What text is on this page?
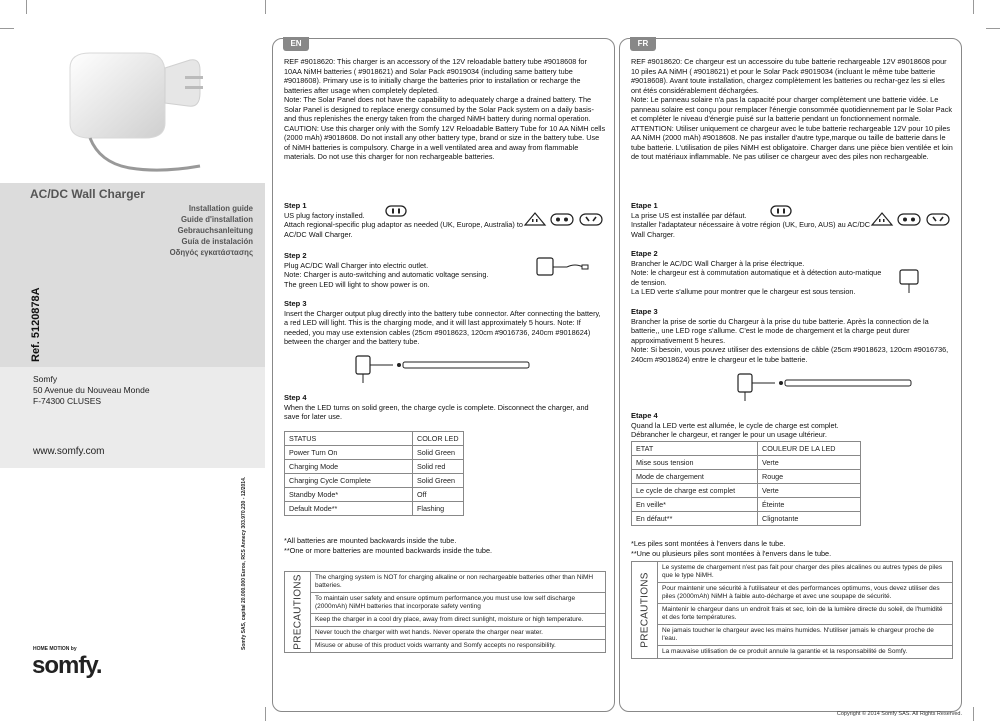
AC/DC Wall Charger
Installation guide
Guide d'installation
Gebrauchsanleitung
Guía de instalación
Οδηγός εγκατάστασης
Ref. 5120878A
Somfy
50 Avenue du Nouveau Monde
F-74300 CLUSES
www.somfy.com
Somfy SAS, capital 20.000.000 Euros, RCS Annecy 303.970.230 - 12/2014.
HOME MOTION by
somfy.
EN
REF #9018620: This charger is an accessory of the 12V reloadable battery tube #9018608 for 10AA NiMH batteries ( #9018621) and Solar Pack #9019034 (including same battery tube #9018608). Primary use is to initially charge the batteries prior to installation or recharge the batteries after usage when completely depleted.
Note: The Solar Panel does not have the capability to adequately charge a drained battery. The Solar Panel is designed to replace energy consumed by the Solar Pack system on a daily basis- and thus replenishes the energy taken from the charged NiMH battery during normal operation.
CAUTION: Use this charger only with the Somfy 12V Reloadable Battery Tube for 10 AA NiMH cells (2000 mAh) #9018608. Do not install any other battery type, brand or size in the battery tube. Use of NiMH batteries is compulsory. Charge in a well ventilated area and away from flammable materials. Do not use this charger for non rechargeable batteries.
Step 1
US plug factory installed.
Attach regional-specific plug adaptor as needed (UK, Europe, Australia) to AC/DC Wall Charger.
Step 2
Plug AC/DC Wall Charger into electric outlet.
Note: Charger is auto-switching and automatic voltage sensing.
The green LED will light to show power is on.
Step 3
Insert the Charger output plug directly into the battery tube connector. After connecting the battery, a red LED will light. This is the charging mode, and it will last approximately 5 hours. Note: If needed, you may use extension cables (25cm #9018623, 120cm #9016736, 240cm #9018624) between the charger and the battery tube.
Step 4
When the LED turns on solid green, the charge cycle is complete. Disconnect the charger, and save for later use.
STATUS	COLOR LED
Power Turn On	Solid Green
Charging Mode	Solid red
Charging Cycle Complete	Solid Green
Standby Mode*	Off
Default Mode**	Flashing
*All batteries are mounted backwards inside the tube.
**One or more batteries are mounted backwards inside the tube.
PRECAUTIONS	The charging system is NOT for charging alkaline or non rechargeable batteries other than NiMH batteries.
To maintain user safety and ensure optimum performance,you must use low self discharge (2000mAh) NiMH batteries that incorporate safety venting
Keep the charger in a cool dry place, away from direct sunlight, moisture or high temperature.
Never touch the charger with wet hands. Never operate the charger near water.
Misuse or abuse of this product voids warranty and Somfy accepts no responsibility.
FR
REF #9018620: Ce chargeur est un accessoire du tube batterie rechargeable 12V #9018608 pour 10 piles AA NiMH ( #9018621) et pour le Solar Pack #9019034 (incluant le même tube batterie #9018608). Avant toute installation, chargez complètement les batteries ou rechar-gez les si elles ont étés considérablement déchargées.
Note: Le panneau solaire n'a pas la capacité pour charger complètement une batterie vidée. Le panneau solaire est conçu pour remplacer l'énergie consommée quotidiennement par le Solar Pack et compléter le niveau d'énergie puisé sur la batterie pendant un fonctionnement normale.
ATTENTION: Utiliser uniquement ce chargeur avec le tube batterie rechargeable 12V pour 10 piles AA NiMH (2000 mAh) #9018608. Ne pas installer d'autre type,marque ou taille de batterie dans le tube batterie. L'utilisation de piles NiMH est obligatoire. Charger dans une pièce bien ventilée et loin de tout matériaux inflammable. Ne pas utiliser ce chargeur avec des piles non rechargeable.
Etape 1
La prise US est installée par défaut.
Installer l'adaptateur nécessaire à votre région (UK, Euro, AUS) au AC/DC Wall Charger.
Etape 2
Brancher le AC/DC Wall Charger à la prise électrique.
Note: le chargeur est à commutation automatique et à détection auto-matique de tension.
La LED verte s'allume pour montrer que le chargeur est sous tension.
Etape 3
Brancher la prise de sortie du Chargeur à la prise du tube batterie. Après la connection de la batterie,, une LED roge s'allume. C'est le mode de chargement et la charge peut durer approximativement 5 heures.
Note: Si besoin, vous pouvez utiliser des extensions de câble (25cm #9018623, 120cm #9016736, 240cm #9018624) entre le chargeur et le tube batterie.
Etape 4
Quand la LED verte est allumée, le cycle de charge est complet.
Débrancher le chargeur, et ranger le pour un usage ultérieur.
ETAT	COULEUR DE LA LED
Mise sous tension	Verte
Mode de chargement	Rouge
Le cycle de charge est complet	Verte
En veille*	Éteinte
En défaut**	Clignotante
*Les piles sont montées à l'envers dans le tube.
**Une ou plusieurs piles sont montées à l'envers dans le tube.
PRECAUTIONS
Le systeme de chargement n'est pas fait pour charger des piles alcalines ou autres types de piles que le type NiMH.
Pour maintenir une sécurité à l'utilisateur et des performances optimums, vous devez utiliser des piles (2000mAh) NiMH à faible auto-décharge et avec une soupape de sécurité.
Maintenir le chargeur dans un endroit frais et sec, loin de la lumière directe du soleil, de l'humidité et des forte températures.
Ne jamais toucher le chargeur avec les mains humides. N'utiliser jamais le chargeur proche de l'eau.
La mauvaise utilisation de ce produit annule la garantie et la responsabilité de Somfy.
Copyright © 2014 Somfy SAS. All Rights Reserved.
